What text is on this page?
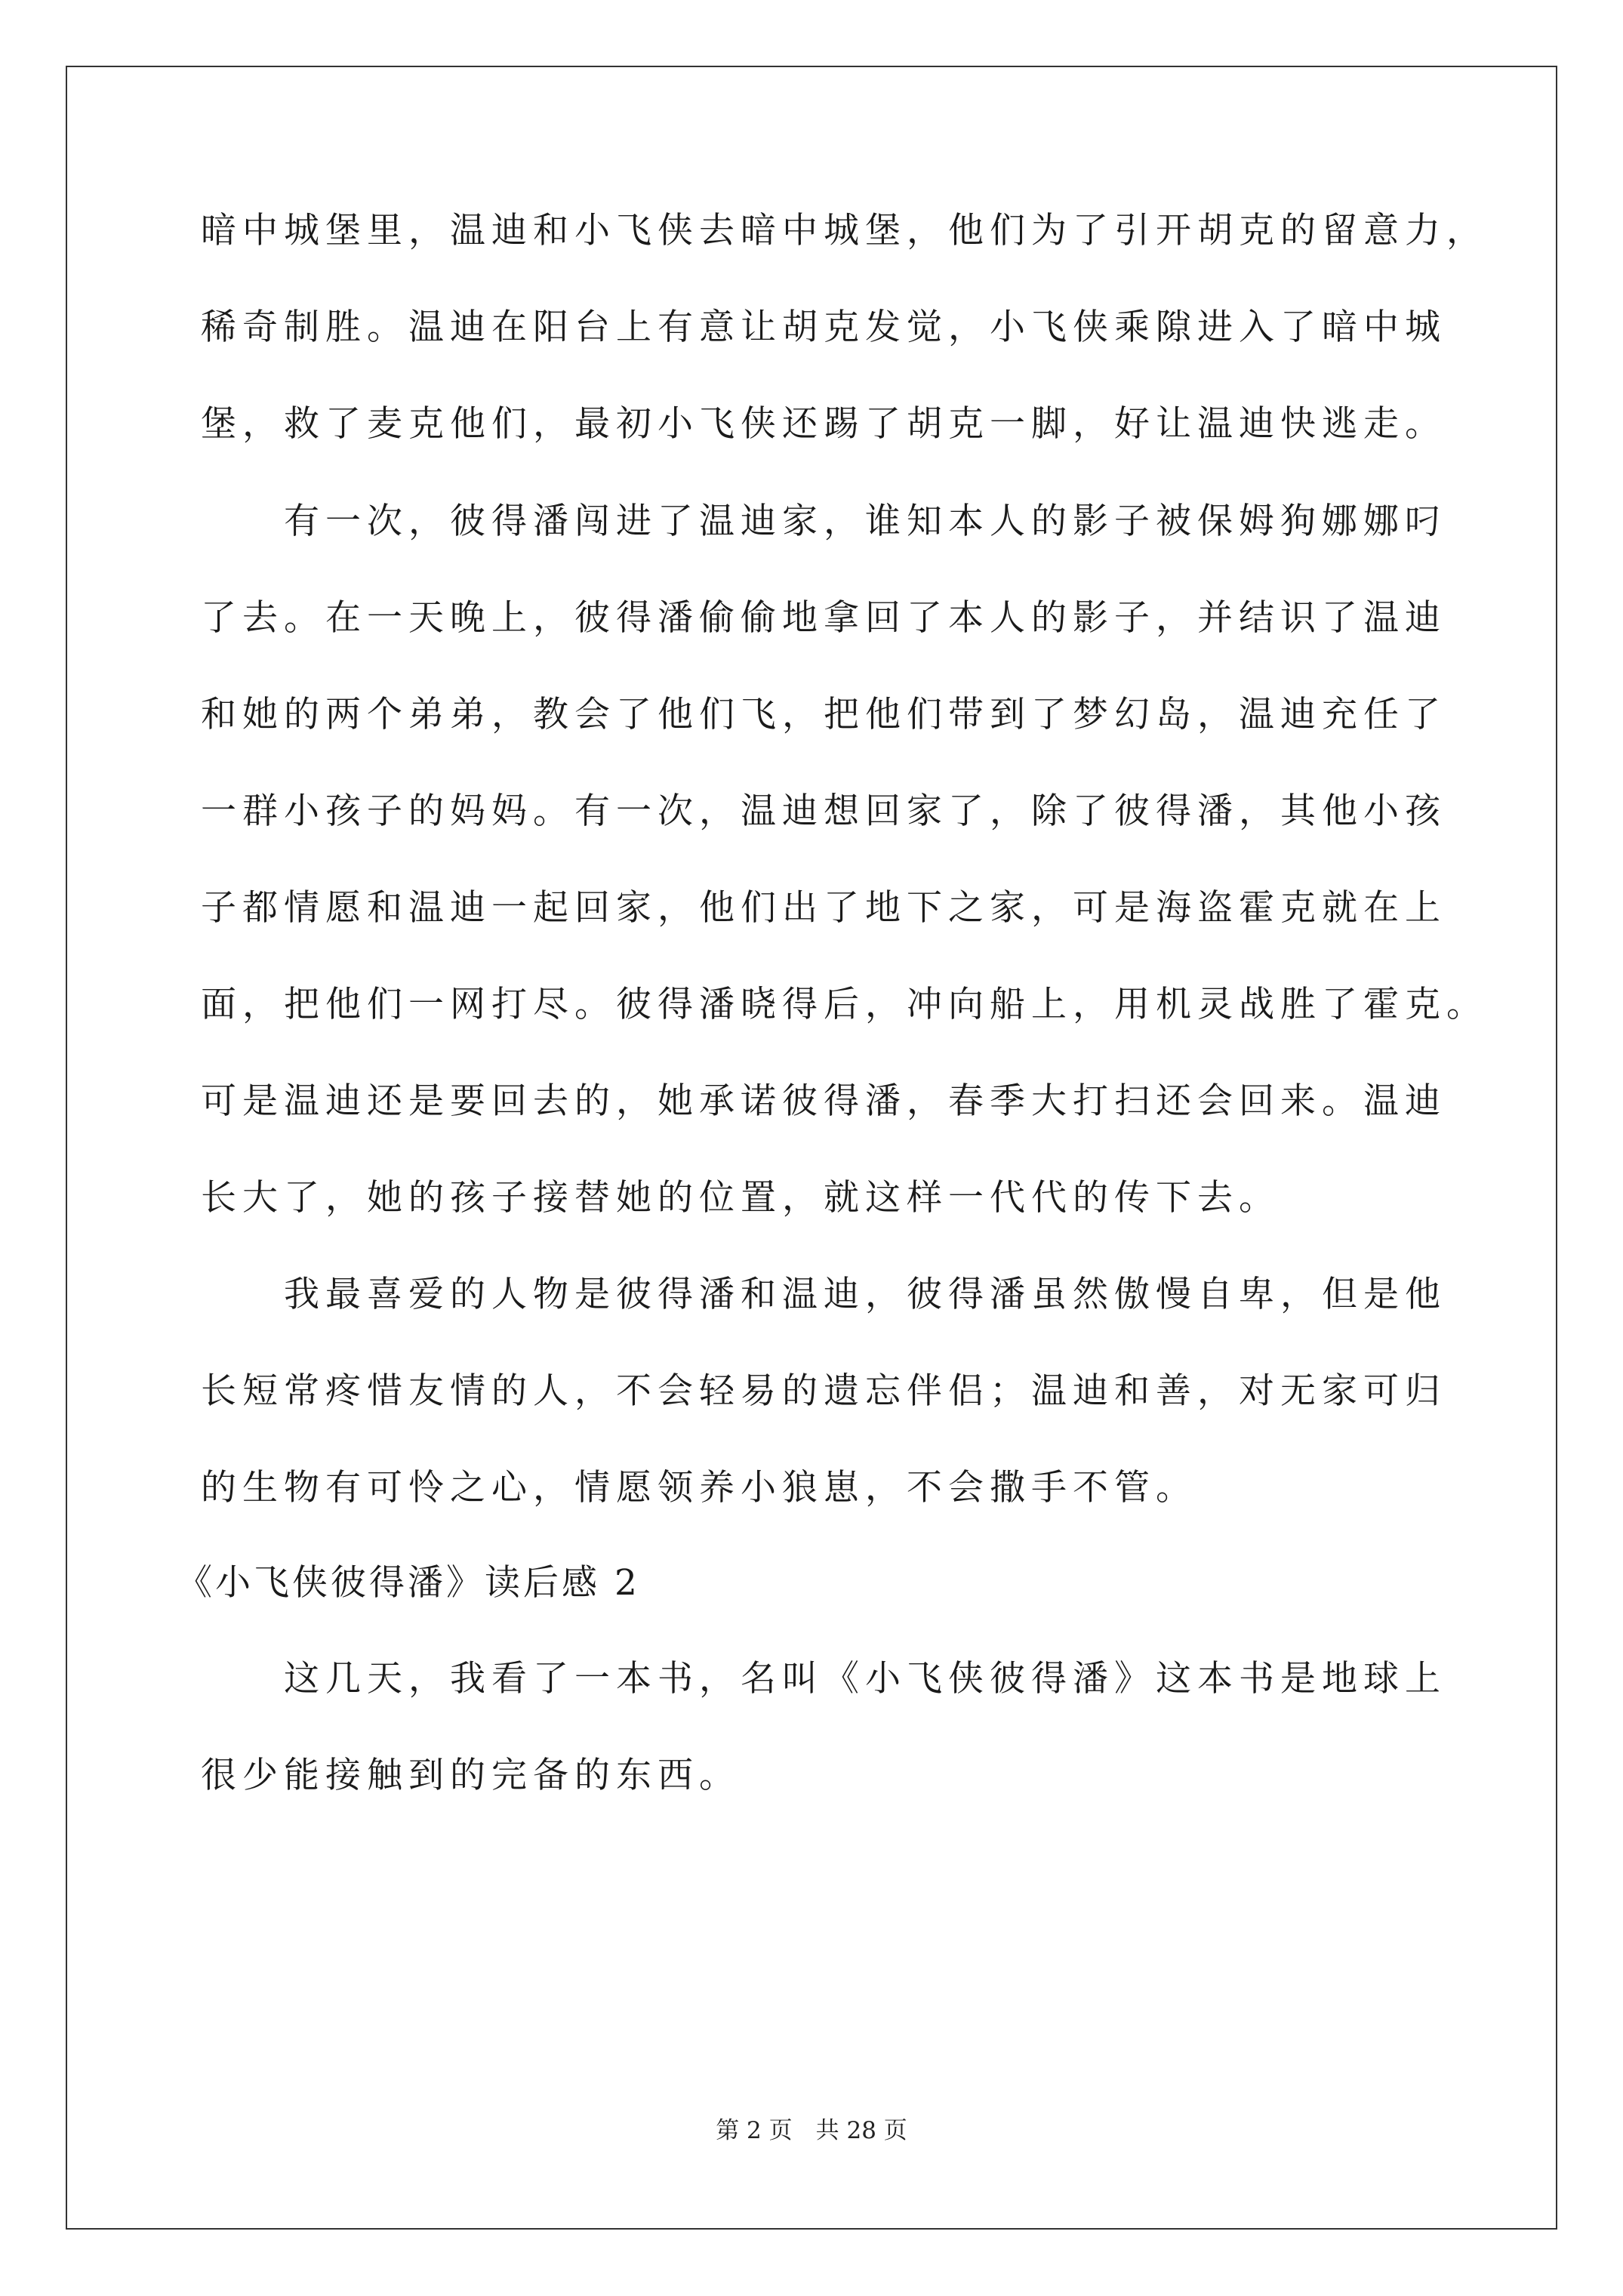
暗中城堡里，温迪和小飞侠去暗中城堡，他们为了引开胡克的留意力，
稀奇制胜。温迪在阳台上有意让胡克发觉，小飞侠乘隙进入了暗中城
堡，救了麦克他们，最初小飞侠还踢了胡克一脚，好让温迪快逃走。
有一次，彼得潘闯进了温迪家，谁知本人的影子被保姆狗娜娜叼
了去。在一天晚上，彼得潘偷偷地拿回了本人的影子，并结识了温迪
和她的两个弟弟，教会了他们飞，把他们带到了梦幻岛，温迪充任了
一群小孩子的妈妈。有一次，温迪想回家了，除了彼得潘，其他小孩
子都情愿和温迪一起回家，他们出了地下之家，可是海盗霍克就在上
面，把他们一网打尽。彼得潘晓得后，冲向船上，用机灵战胜了霍克。
可是温迪还是要回去的，她承诺彼得潘，春季大打扫还会回来。温迪
长大了，她的孩子接替她的位置，就这样一代代的传下去。
我最喜爱的人物是彼得潘和温迪，彼得潘虽然傲慢自卑，但是他
长短常疼惜友情的人，不会轻易的遗忘伴侣；温迪和善，对无家可归
的生物有可怜之心，情愿领养小狼崽，不会撒手不管。
《小飞侠彼得潘》读后感 2
这几天，我看了一本书，名叫《小飞侠彼得潘》这本书是地球上
很少能接触到的完备的东西。
第 2 页　共 28 页
